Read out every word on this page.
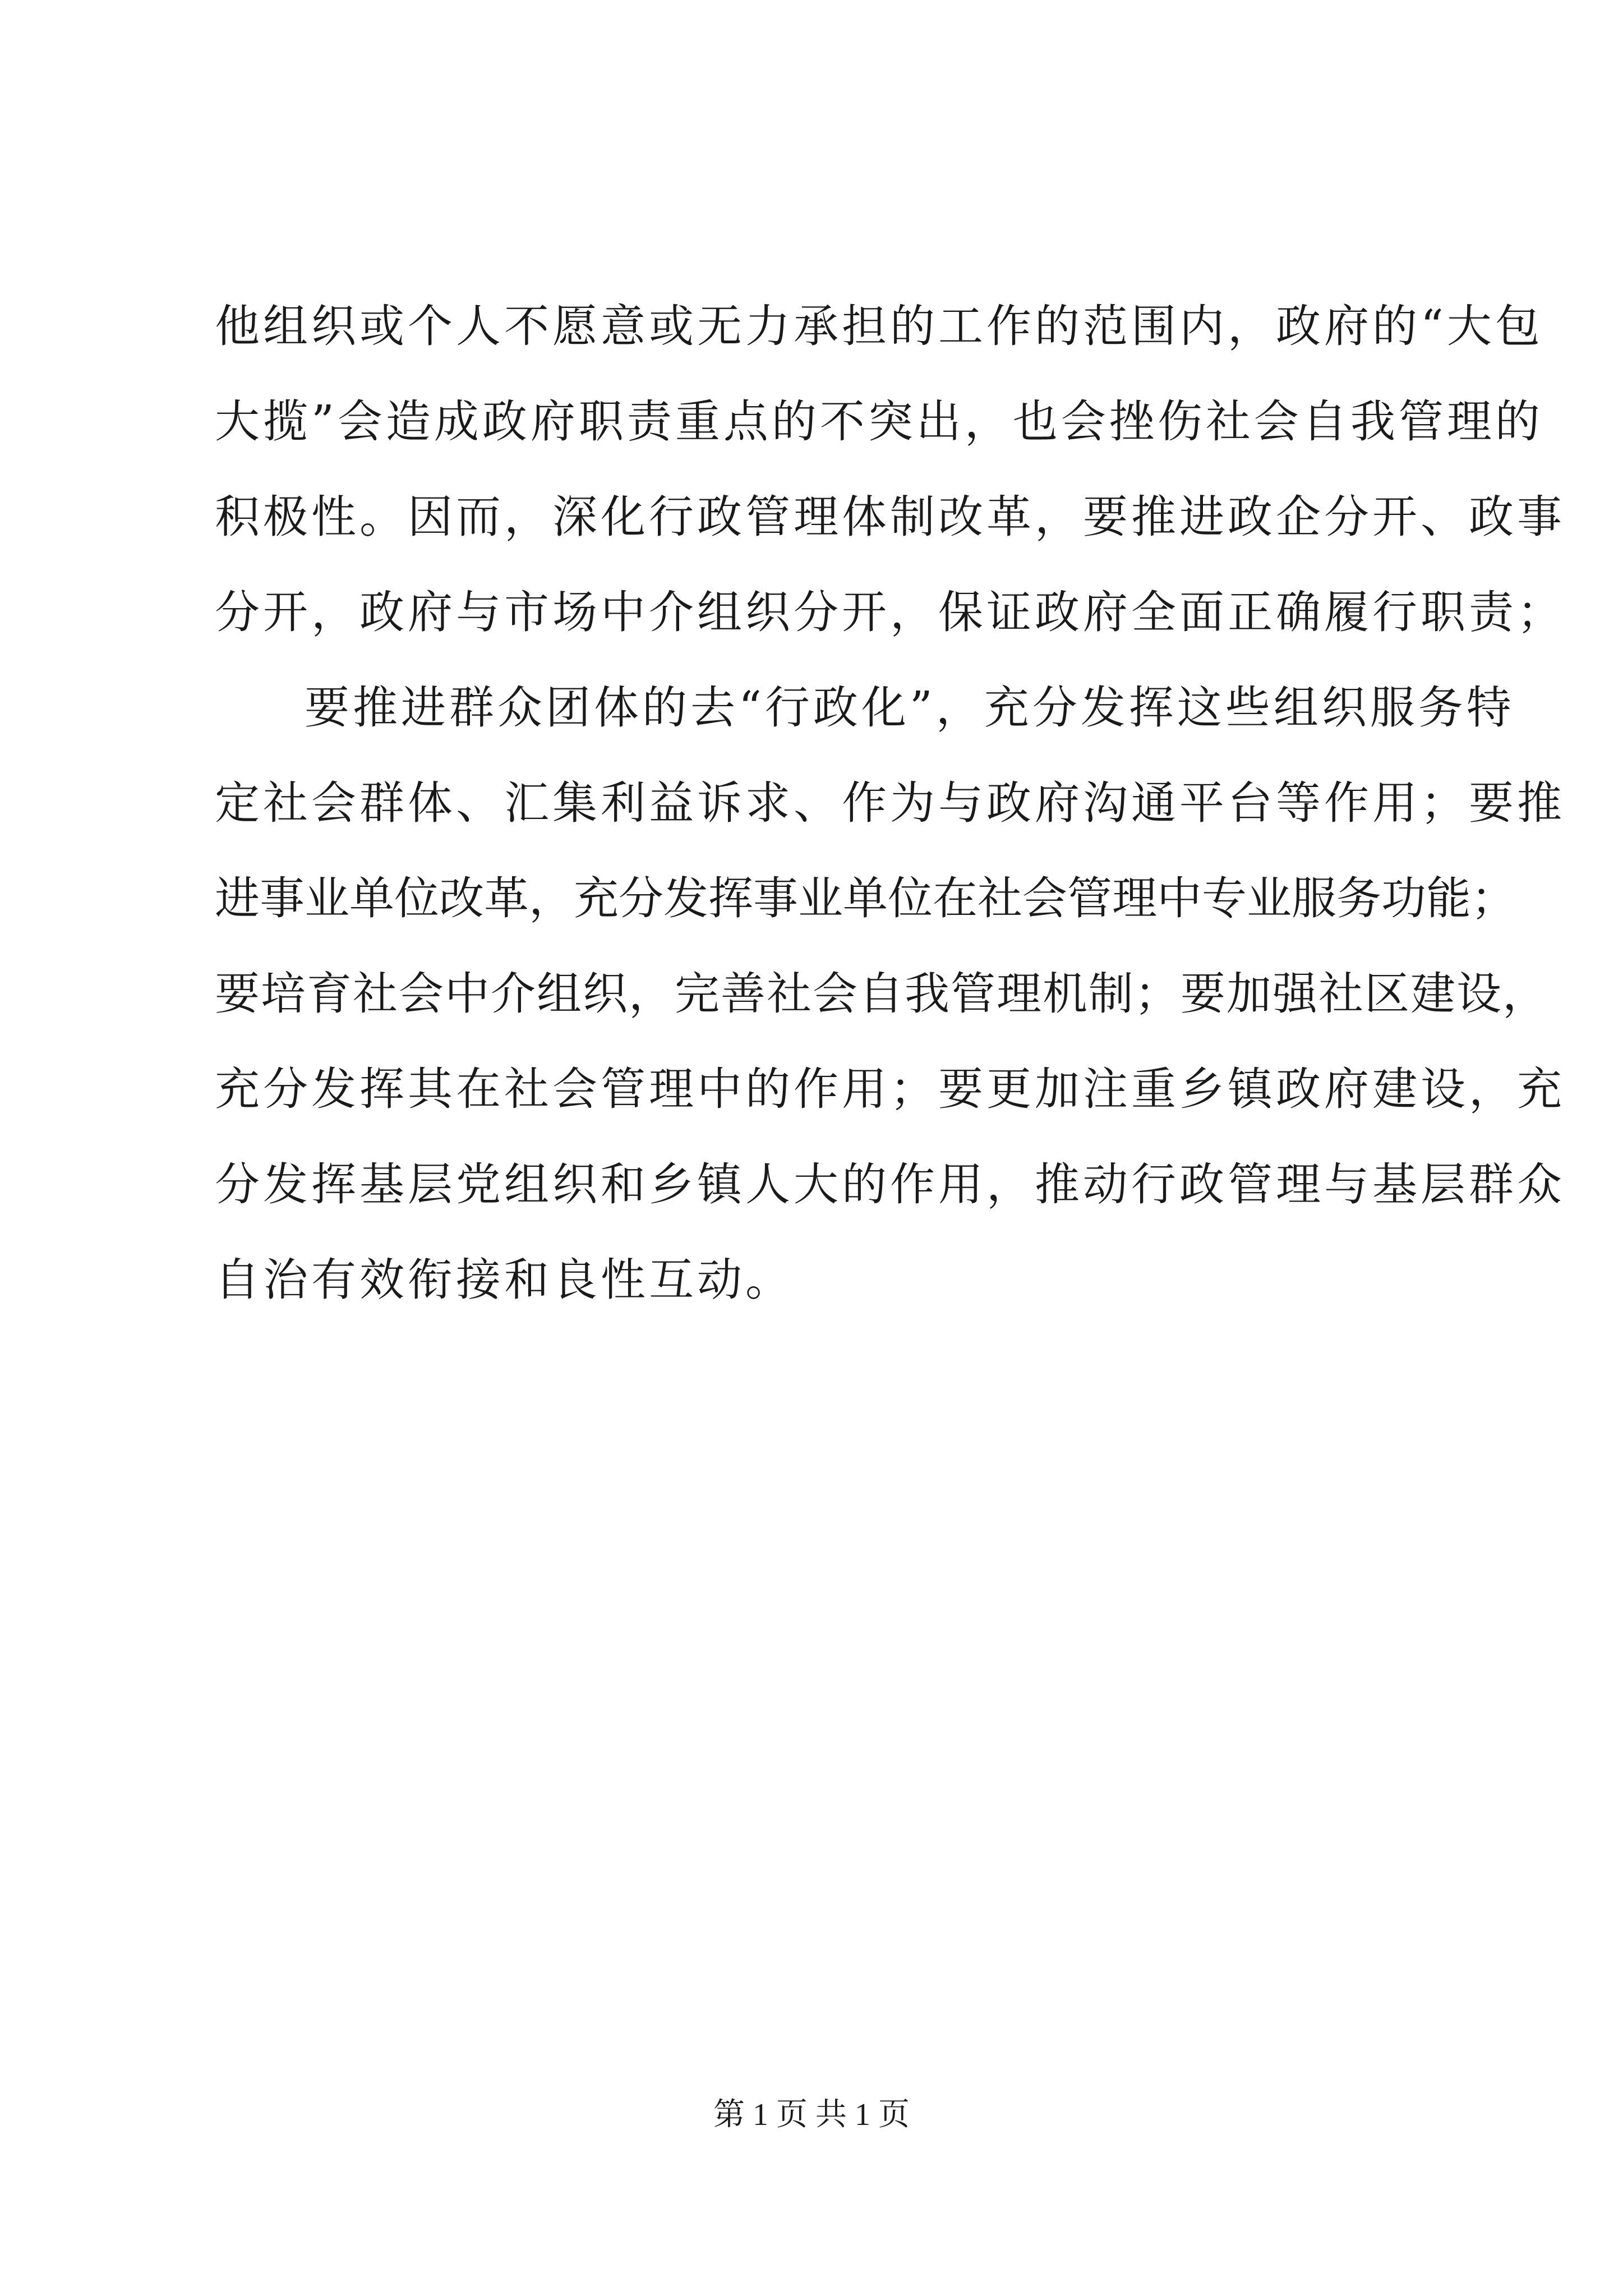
他组织或个人不愿意或无力承担的工作的范围内，政府的“大包
大揽”会造成政府职责重点的不突出，也会挫伤社会自我管理的
积极性。因而，深化行政管理体制改革，要推进政企分开、政事
分开，政府与市场中介组织分开，保证政府全面正确履行职责；
要推进群众团体的去“行政化”，充分发挥这些组织服务特
定社会群体、汇集利益诉求、作为与政府沟通平台等作用；要推
进事业单位改革，充分发挥事业单位在社会管理中专业服务功能；
要培育社会中介组织，完善社会自我管理机制；要加强社区建设，
充分发挥其在社会管理中的作用；要更加注重乡镇政府建设，充
分发挥基层党组织和乡镇人大的作用，推动行政管理与基层群众
自治有效衔接和良性互动。
第 1 页 共 1 页
